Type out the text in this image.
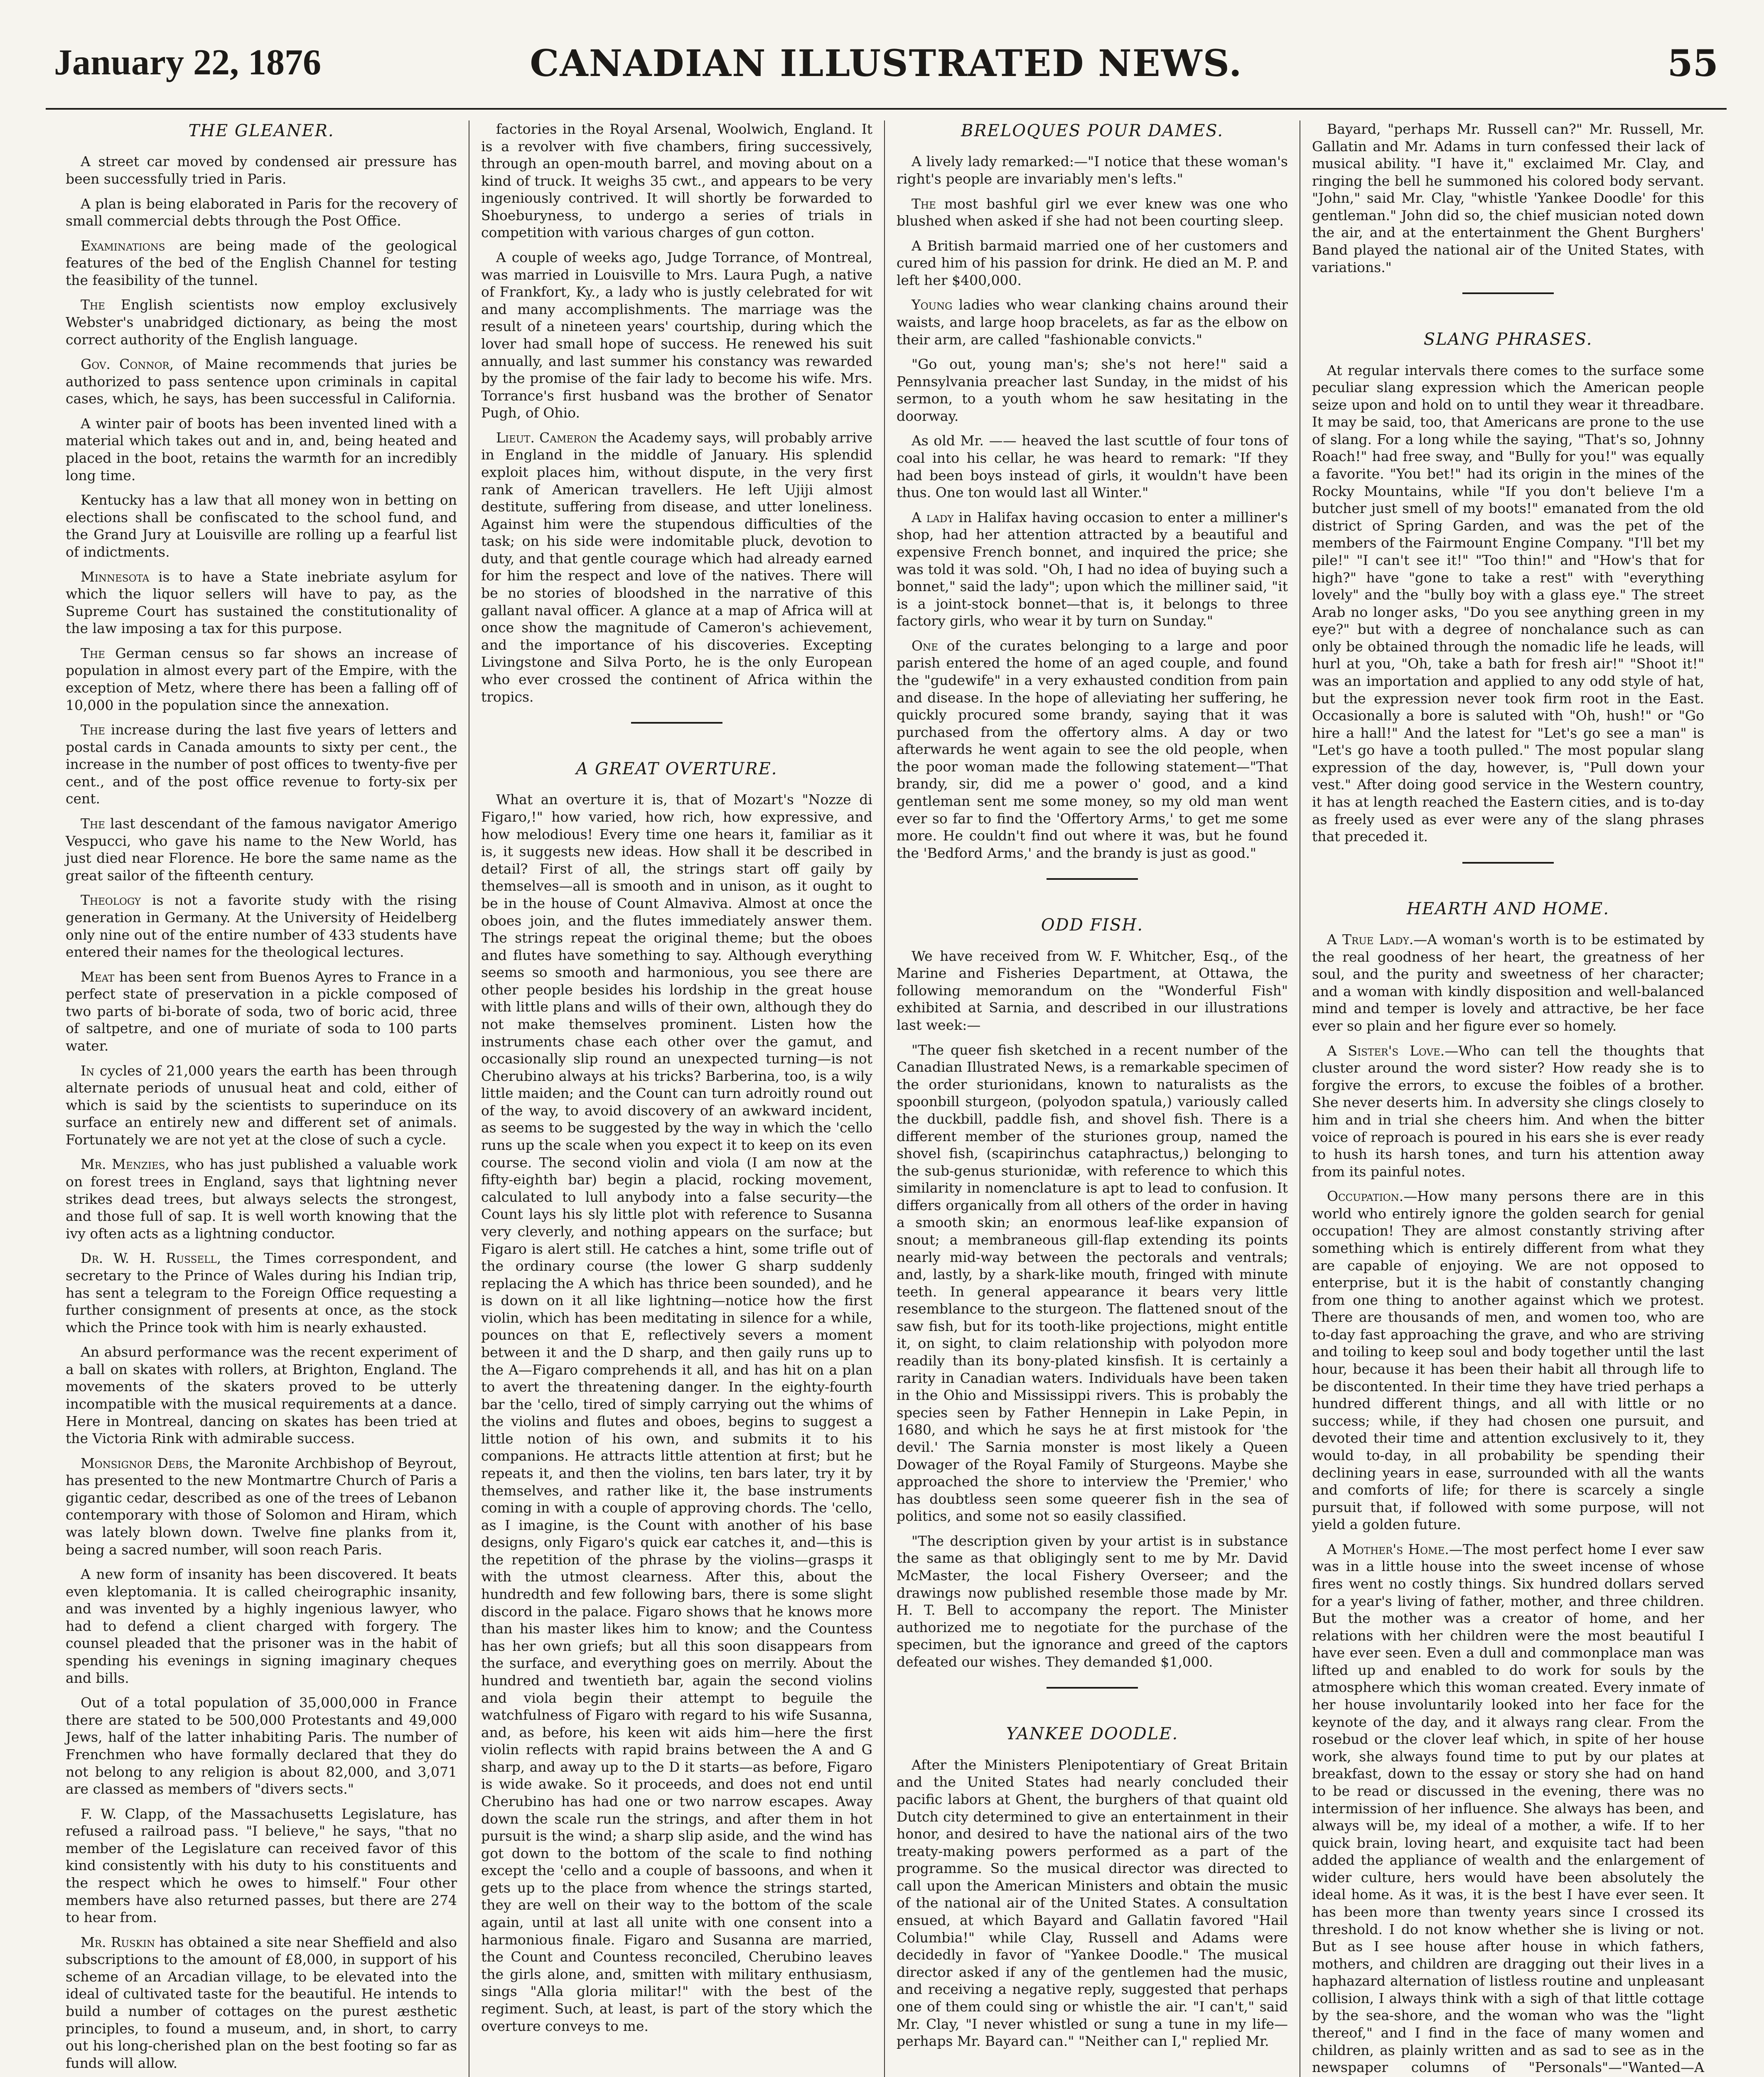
January 22, 1876	CANADIAN ILLUSTRATED NEWS.	55
THE GLEANER.

A street car moved by condensed air pressure has been successfully tried in Paris.

A plan is being elaborated in Paris for the recovery of small commercial debts through the Post Office.

Examinations are being made of the geological features of the bed of the English Channel for testing the feasibility of the tunnel.

The English scientists now employ exclusively Webster's unabridged dictionary, as being the most correct authority of the English language.

Gov. Connor, of Maine recommends that juries be authorized to pass sentence upon criminals in capital cases, which, he says, has been successful in California.

A winter pair of boots has been invented lined with a material which takes out and in, and, being heated and placed in the boot, retains the warmth for an incredibly long time.

Kentucky has a law that all money won in betting on elections shall be confiscated to the school fund, and the Grand Jury at Louisville are rolling up a fearful list of indictments.

Minnesota is to have a State inebriate asylum for which the liquor sellers will have to pay, as the Supreme Court has sustained the constitutionality of the law imposing a tax for this purpose.

The German census so far shows an increase of population in almost every part of the Empire, with the exception of Metz, where there has been a falling off of 10,000 in the population since the annexation.

The increase during the last five years of letters and postal cards in Canada amounts to sixty per cent., the increase in the number of post offices to twenty-five per cent., and of the post office revenue to forty-six per cent.

The last descendant of the famous navigator Amerigo Vespucci, who gave his name to the New World, has just died near Florence. He bore the same name as the great sailor of the fifteenth century.

Theology is not a favorite study with the rising generation in Germany. At the University of Heidelberg only nine out of the entire number of 433 students have entered their names for the theological lectures.

Meat has been sent from Buenos Ayres to France in a perfect state of preservation in a pickle composed of two parts of bi-borate of soda, two of boric acid, three of saltpetre, and one of muriate of soda to 100 parts water.

In cycles of 21,000 years the earth has been through alternate periods of unusual heat and cold, either of which is said by the scientists to superinduce on its surface an entirely new and different set of animals. Fortunately we are not yet at the close of such a cycle.

Mr. Menzies, who has just published a valuable work on forest trees in England, says that lightning never strikes dead trees, but always selects the strongest, and those full of sap. It is well worth knowing that the ivy often acts as a lightning conductor.

Dr. W. H. Russell, the Times correspondent, and secretary to the Prince of Wales during his Indian trip, has sent a telegram to the Foreign Office requesting a further consignment of presents at once, as the stock which the Prince took with him is nearly exhausted.

An absurd performance was the recent experiment of a ball on skates with rollers, at Brighton, England. The movements of the skaters proved to be utterly incompatible with the musical requirements at a dance. Here in Montreal, dancing on skates has been tried at the Victoria Rink with admirable success.

Monsignor Debs, the Maronite Archbishop of Beyrout, has presented to the new Montmartre Church of Paris a gigantic cedar, described as one of the trees of Lebanon contemporary with those of Solomon and Hiram, which was lately blown down. Twelve fine planks from it, being a sacred number, will soon reach Paris.

A new form of insanity has been discovered. It beats even kleptomania. It is called cheirographic insanity, and was invented by a highly ingenious lawyer, who had to defend a client charged with forgery. The counsel pleaded that the prisoner was in the habit of spending his evenings in signing imaginary cheques and bills.

Out of a total population of 35,000,000 in France there are stated to be 500,000 Protestants and 49,000 Jews, half of the latter inhabiting Paris. The number of Frenchmen who have formally declared that they do not belong to any religion is about 82,000, and 3,071 are classed as members of "divers sects."

F. W. Clapp, of the Massachusetts Legislature, has refused a railroad pass. "I believe," he says, "that no member of the Legislature can received favor of this kind consistently with his duty to his constituents and the respect which he owes to himself." Four other members have also returned passes, but there are 274 to hear from.

Mr. Ruskin has obtained a site near Sheffield and also subscriptions to the amount of £8,000, in support of his scheme of an Arcadian village, to be elevated into the ideal of cultivated taste for the beautiful. He intends to build a number of cottages on the purest æsthetic principles, to found a museum, and, in short, to carry out his long-cherished plan on the best footing so far as funds will allow.

factories in the Royal Arsenal, Woolwich, England. It is a revolver with five chambers, firing successively, through an open-mouth barrel, and moving about on a kind of truck. It weighs 35 cwt., and appears to be very ingeniously contrived. It will shortly be forwarded to Shoeburyness, to undergo a series of trials in competition with various charges of gun cotton.

A couple of weeks ago, Judge Torrance, of Montreal, was married in Louisville to Mrs. Laura Pugh, a native of Frankfort, Ky., a lady who is justly celebrated for wit and many accomplishments. The marriage was the result of a nineteen years' courtship, during which the lover had small hope of success. He renewed his suit annually, and last summer his constancy was rewarded by the promise of the fair lady to become his wife. Mrs. Torrance's first husband was the brother of Senator Pugh, of Ohio.

Lieut. Cameron the Academy says, will probably arrive in England in the middle of January. His splendid exploit places him, without dispute, in the very first rank of American travellers. He left Ujiji almost destitute, suffering from disease, and utter loneliness. Against him were the stupendous difficulties of the task; on his side were indomitable pluck, devotion to duty, and that gentle courage which had already earned for him the respect and love of the natives. There will be no stories of bloodshed in the narrative of this gallant naval officer. A glance at a map of Africa will at once show the magnitude of Cameron's achievement, and the importance of his discoveries. Excepting Livingstone and Silva Porto, he is the only European who ever crossed the continent of Africa within the tropics.

A GREAT OVERTURE.

What an overture it is, that of Mozart's "Nozze di Figaro,!" how varied, how rich, how expressive, and how melodious! Every time one hears it, familiar as it is, it suggests new ideas. How shall it be described in detail? First of all, the strings start off gaily by themselves—all is smooth and in unison, as it ought to be in the house of Count Almaviva. Almost at once the oboes join, and the flutes immediately answer them. The strings repeat the original theme; but the oboes and flutes have something to say. Although everything seems so smooth and harmonious, you see there are other people besides his lordship in the great house with little plans and wills of their own, although they do not make themselves prominent. Listen how the instruments chase each other over the gamut, and occasionally slip round an unexpected turning—is not Cherubino always at his tricks? Barberina, too, is a wily little maiden; and the Count can turn adroitly round out of the way, to avoid discovery of an awkward incident, as seems to be suggested by the way in which the 'cello runs up the scale when you expect it to keep on its even course. The second violin and viola (I am now at the fifty-eighth bar) begin a placid, rocking movement, calculated to lull anybody into a false security—the Count lays his sly little plot with reference to Susanna very cleverly, and nothing appears on the surface; but Figaro is alert still. He catches a hint, some trifle out of the ordinary course (the lower G sharp suddenly replacing the A which has thrice been sounded), and he is down on it all like lightning—notice how the first violin, which has been meditating in silence for a while, pounces on that E, reflectively severs a moment between it and the D sharp, and then gaily runs up to the A—Figaro comprehends it all, and has hit on a plan to avert the threatening danger. In the eighty-fourth bar the 'cello, tired of simply carrying out the whims of the violins and flutes and oboes, begins to suggest a little notion of his own, and submits it to his companions. He attracts little attention at first; but he repeats it, and then the violins, ten bars later, try it by themselves, and rather like it, the base instruments coming in with a couple of approving chords. The 'cello, as I imagine, is the Count with another of his base designs, only Figaro's quick ear catches it, and—this is the repetition of the phrase by the violins—grasps it with the utmost clearness. After this, about the hundredth and few following bars, there is some slight discord in the palace. Figaro shows that he knows more than his master likes him to know; and the Countess has her own griefs; but all this soon disappears from the surface, and everything goes on merrily. About the hundred and twentieth bar, again the second violins and viola begin their attempt to beguile the watchfulness of Figaro with regard to his wife Susanna, and, as before, his keen wit aids him—here the first violin reflects with rapid brains between the A and G sharp, and away up to the D it starts—as before, Figaro is wide awake. So it proceeds, and does not end until Cherubino has had one or two narrow escapes. Away down the scale run the strings, and after them in hot pursuit is the wind; a sharp slip aside, and the wind has got down to the bottom of the scale to find nothing except the 'cello and a couple of bassoons, and when it gets up to the place from whence the strings started, they are well on their way to the bottom of the scale again, until at last all unite with one consent into a harmonious finale. Figaro and Susanna are married, the Count and Countess reconciled, Cherubino leaves the girls alone, and, smitten with military enthusiasm, sings "Alla gloria militar!" with the best of the regiment. Such, at least, is part of the story which the overture conveys to me.

BRELOQUES POUR DAMES.

A lively lady remarked:—"I notice that these woman's right's people are invariably men's lefts."

The most bashful girl we ever knew was one who blushed when asked if she had not been courting sleep.

A British barmaid married one of her customers and cured him of his passion for drink. He died an M. P. and left her $400,000.

Young ladies who wear clanking chains around their waists, and large hoop bracelets, as far as the elbow on their arm, are called "fashionable convicts."

"Go out, young man's; she's not here!" said a Pennsylvania preacher last Sunday, in the midst of his sermon, to a youth whom he saw hesitating in the doorway.

As old Mr. —— heaved the last scuttle of four tons of coal into his cellar, he was heard to remark: "If they had been boys instead of girls, it wouldn't have been thus. One ton would last all Winter."

A lady in Halifax having occasion to enter a milliner's shop, had her attention attracted by a beautiful and expensive French bonnet, and inquired the price; she was told it was sold. "Oh, I had no idea of buying such a bonnet," said the lady"; upon which the milliner said, "it is a joint-stock bonnet—that is, it belongs to three factory girls, who wear it by turn on Sunday."

One of the curates belonging to a large and poor parish entered the home of an aged couple, and found the "gudewife" in a very exhausted condition from pain and disease. In the hope of alleviating her suffering, he quickly procured some brandy, saying that it was purchased from the offertory alms. A day or two afterwards he went again to see the old people, when the poor woman made the following statement—"That brandy, sir, did me a power o' good, and a kind gentleman sent me some money, so my old man went ever so far to find the 'Offertory Arms,' to get me some more. He couldn't find out where it was, but he found the 'Bedford Arms,' and the brandy is just as good."

ODD FISH.

We have received from W. F. Whitcher, Esq., of the Marine and Fisheries Department, at Ottawa, the following memorandum on the "Wonderful Fish" exhibited at Sarnia, and described in our illustrations last week:—

"The queer fish sketched in a recent number of the Canadian Illustrated News, is a remarkable specimen of the order sturionidans, known to naturalists as the spoonbill sturgeon, (polyodon spatula,) variously called the duckbill, paddle fish, and shovel fish. There is a different member of the sturiones group, named the shovel fish, (scapirinchus cataphractus,) belonging to the sub-genus sturionidæ, with reference to which this similarity in nomenclature is apt to lead to confusion. It differs organically from all others of the order in having a smooth skin; an enormous leaf-like expansion of snout; a membraneous gill-flap extending its points nearly mid-way between the pectorals and ventrals; and, lastly, by a shark-like mouth, fringed with minute teeth. In general appearance it bears very little resemblance to the sturgeon. The flattened snout of the saw fish, but for its tooth-like projections, might entitle it, on sight, to claim relationship with polyodon more readily than its bony-plated kinsfish. It is certainly a rarity in Canadian waters. Individuals have been taken in the Ohio and Mississippi rivers. This is probably the species seen by Father Hennepin in Lake Pepin, in 1680, and which he says he at first mistook for 'the devil.' The Sarnia monster is most likely a Queen Dowager of the Royal Family of Sturgeons. Maybe she approached the shore to interview the 'Premier,' who has doubtless seen some queerer fish in the sea of politics, and some not so easily classified.

"The description given by your artist is in substance the same as that obligingly sent to me by Mr. David McMaster, the local Fishery Overseer; and the drawings now published resemble those made by Mr. H. T. Bell to accompany the report. The Minister authorized me to negotiate for the purchase of the specimen, but the ignorance and greed of the captors defeated our wishes. They demanded $1,000.

YANKEE DOODLE.

After the Ministers Plenipotentiary of Great Britain and the United States had nearly concluded their pacific labors at Ghent, the burghers of that quaint old Dutch city determined to give an entertainment in their honor, and desired to have the national airs of the two treaty-making powers performed as a part of the programme. So the musical director was directed to call upon the American Ministers and obtain the music of the national air of the United States. A consultation ensued, at which Bayard and Gallatin favored "Hail Columbia!" while Clay, Russell and Adams were decidedly in favor of "Yankee Doodle." The musical director asked if any of the gentlemen had the music, and receiving a negative reply, suggested that perhaps one of them could sing or whistle the air. "I can't," said Mr. Clay, "I never whistled or sung a tune in my life—perhaps Mr. Bayard can." "Neither can I," replied Mr.

Bayard, "perhaps Mr. Russell can?" Mr. Russell, Mr. Gallatin and Mr. Adams in turn confessed their lack of musical ability. "I have it," exclaimed Mr. Clay, and ringing the bell he summoned his colored body servant. "John," said Mr. Clay, "whistle 'Yankee Doodle' for this gentleman." John did so, the chief musician noted down the air, and at the entertainment the Ghent Burghers' Band played the national air of the United States, with variations."

SLANG PHRASES.

At regular intervals there comes to the surface some peculiar slang expression which the American people seize upon and hold on to until they wear it threadbare. It may be said, too, that Americans are prone to the use of slang. For a long while the saying, "That's so, Johnny Roach!" had free sway, and "Bully for you!" was equally a favorite. "You bet!" had its origin in the mines of the Rocky Mountains, while "If you don't believe I'm a butcher just smell of my boots!" emanated from the old district of Spring Garden, and was the pet of the members of the Fairmount Engine Company. "I'll bet my pile!" "I can't see it!" "Too thin!" and "How's that for high?" have "gone to take a rest" with "everything lovely" and the "bully boy with a glass eye." The street Arab no longer asks, "Do you see anything green in my eye?" but with a degree of nonchalance such as can only be obtained through the nomadic life he leads, will hurl at you, "Oh, take a bath for fresh air!" "Shoot it!" was an importation and applied to any odd style of hat, but the expression never took firm root in the East. Occasionally a bore is saluted with "Oh, hush!" or "Go hire a hall!" And the latest for "Let's go see a man" is "Let's go have a tooth pulled." The most popular slang expression of the day, however, is, "Pull down your vest." After doing good service in the Western country, it has at length reached the Eastern cities, and is to-day as freely used as ever were any of the slang phrases that preceded it.

HEARTH AND HOME.

A True Lady.—A woman's worth is to be estimated by the real goodness of her heart, the greatness of her soul, and the purity and sweetness of her character; and a woman with kindly disposition and well-balanced mind and temper is lovely and attractive, be her face ever so plain and her figure ever so homely.

A Sister's Love.—Who can tell the thoughts that cluster around the word sister? How ready she is to forgive the errors, to excuse the foibles of a brother. She never deserts him. In adversity she clings closely to him and in trial she cheers him. And when the bitter voice of reproach is poured in his ears she is ever ready to hush its harsh tones, and turn his attention away from its painful notes.

Occupation.—How many persons there are in this world who entirely ignore the golden search for genial occupation! They are almost constantly striving after something which is entirely different from what they are capable of enjoying. We are not opposed to enterprise, but it is the habit of constantly changing from one thing to another against which we protest. There are thousands of men, and women too, who are to-day fast approaching the grave, and who are striving and toiling to keep soul and body together until the last hour, because it has been their habit all through life to be discontented. In their time they have tried perhaps a hundred different things, and all with little or no success; while, if they had chosen one pursuit, and devoted their time and attention exclusively to it, they would to-day, in all probability be spending their declining years in ease, surrounded with all the wants and comforts of life; for there is scarcely a single pursuit that, if followed with some purpose, will not yield a golden future.

A Mother's Home.—The most perfect home I ever saw was in a little house into the sweet incense of whose fires went no costly things. Six hundred dollars served for a year's living of father, mother, and three children. But the mother was a creator of home, and her relations with her children were the most beautiful I have ever seen. Even a dull and commonplace man was lifted up and enabled to do work for souls by the atmosphere which this woman created. Every inmate of her house involuntarily looked into her face for the keynote of the day, and it always rang clear. From the rosebud or the clover leaf which, in spite of her house work, she always found time to put by our plates at breakfast, down to the essay or story she had on hand to be read or discussed in the evening, there was no intermission of her influence. She always has been, and always will be, my ideal of a mother, a wife. If to her quick brain, loving heart, and exquisite tact had been added the appliance of wealth and the enlargement of wider culture, hers would have been absolutely the ideal home. As it was, it is the best I have ever seen. It has been more than twenty years since I crossed its threshold. I do not know whether she is living or not. But as I see house after house in which fathers, mothers, and children are dragging out their lives in a haphazard alternation of listless routine and unpleasant collision, I always think with a sigh of that little cottage by the sea-shore, and the woman who was the "light thereof," and I find in the face of many women and children, as plainly written and as sad to see as in the newspaper columns of "Personals"—"Wanted—A
